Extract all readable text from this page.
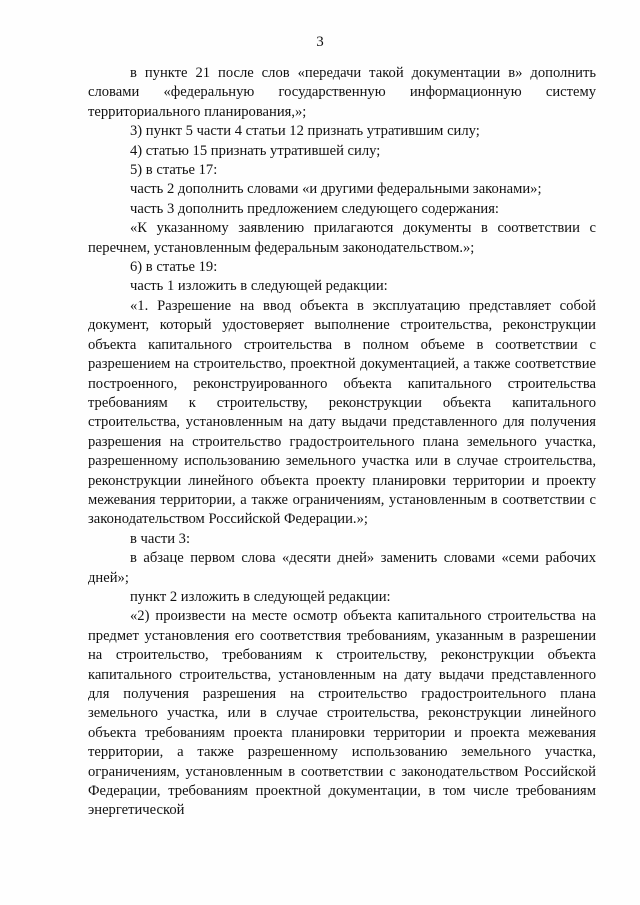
3

в пункте 21 после слов «передачи такой документации в» дополнить словами «федеральную государственную информационную систему территориального планирования,»;

3) пункт 5 части 4 статьи 12 признать утратившим силу;

4) статью 15 признать утратившей силу;

5) в статье 17:

часть 2 дополнить словами «и другими федеральными законами»;

часть 3 дополнить предложением следующего содержания:

«К указанному заявлению прилагаются документы в соответствии с перечнем, установленным федеральным законодательством.»;

6) в статье 19:

часть 1 изложить в следующей редакции:

«1. Разрешение на ввод объекта в эксплуатацию представляет собой документ, который удостоверяет выполнение строительства, реконструкции объекта капитального строительства в полном объеме в соответствии с разрешением на строительство, проектной документацией, а также соответствие построенного, реконструированного объекта капитального строительства требованиям к строительству, реконструкции объекта капитального строительства, установленным на дату выдачи представленного для получения разрешения на строительство градостроительного плана земельного участка, разрешенному использованию земельного участка или в случае строительства, реконструкции линейного объекта проекту планировки территории и проекту межевания территории, а также ограничениям, установленным в соответствии с законодательством Российской Федерации.»;

в части 3:

в абзаце первом слова «десяти дней» заменить словами «семи рабочих дней»;

пункт 2 изложить в следующей редакции:

«2) произвести на месте осмотр объекта капитального строительства на предмет установления его соответствия требованиям, указанным в разрешении на строительство, требованиям к строительству, реконструкции объекта капитального строительства, установленным на дату выдачи представленного для получения разрешения на строительство градостроительного плана земельного участка, или в случае строительства, реконструкции линейного объекта требованиям проекта планировки территории и проекта межевания территории, а также разрешенному использованию земельного участка, ограничениям, установленным в соответствии с законодательством Российской Федерации, требованиям проектной документации, в том числе требованиям энергетической
